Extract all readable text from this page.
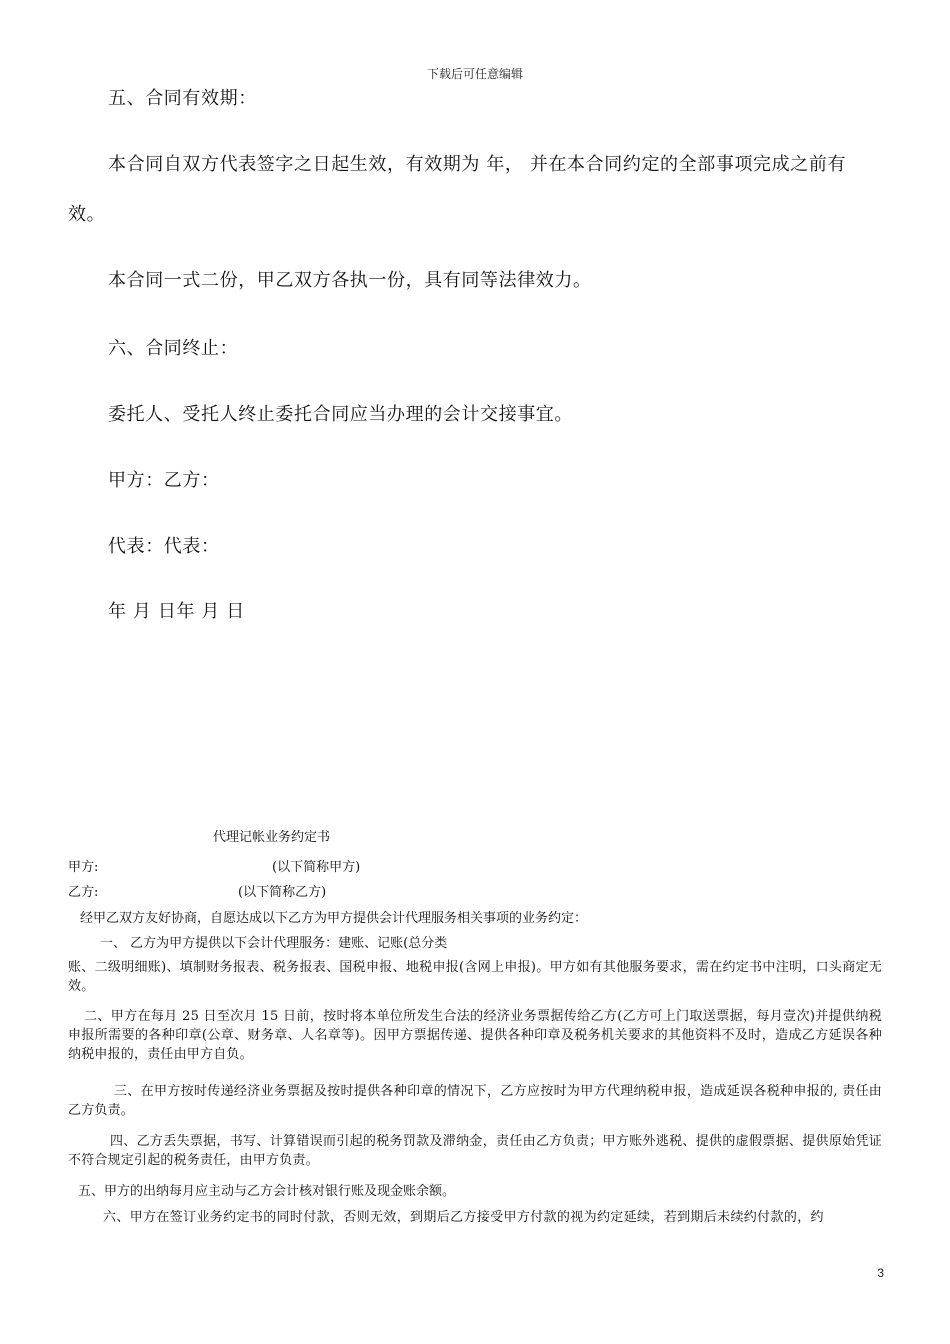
下载后可任意编辑

五、合同有效期：

本合同自双方代表签字之日起生效，有效期为 年， 并在本合同约定的全部事项完成之前有

效。

本合同一式二份，甲乙双方各执一份，具有同等法律效力。

六、合同终止：

委托人、受托人终止委托合同应当办理的会计交接事宜。

甲方：乙方：

代表：代表：

年 月 日年 月 日

代理记帐业务约定书

甲方:	(以下简称甲方)

乙方:	(以下简称乙方)

经甲乙双方友好协商，自愿达成以下乙方为甲方提供会计代理服务相关事项的业务约定：

一、 乙方为甲方提供以下会计代理服务：建账、记账(总分类

账、二级明细账)、填制财务报表、税务报表、国税申报、地税申报(含网上申报)。甲方如有其他服务要求，需在约定书中注明，口头商定无效。

二、甲方在每月 25 日至次月 15 日前，按时将本单位所发生合法的经济业务票据传给乙方(乙方可上门取送票据，每月壹次)并提供纳税申报所需要的各种印章(公章、财务章、人名章等)。因甲方票据传递、提供各种印章及税务机关要求的其他资料不及时，造成乙方延误各种纳税申报的，责任由甲方自负。

三、在甲方按时传递经济业务票据及按时提供各种印章的情况下，乙方应按时为甲方代理纳税申报，造成延误各税种申报的, 责任由乙方负责。

四、乙方丢失票据，书写、计算错误而引起的税务罚款及滞纳金，责任由乙方负责；甲方账外逃税、提供的虚假票据、提供原始凭证不符合规定引起的税务责任，由甲方负责。

五、甲方的出纳每月应主动与乙方会计核对银行账及现金账余额。

六、甲方在签订业务约定书的同时付款，否则无效，到期后乙方接受甲方付款的视为约定延续，若到期后未续约付款的，约

3
